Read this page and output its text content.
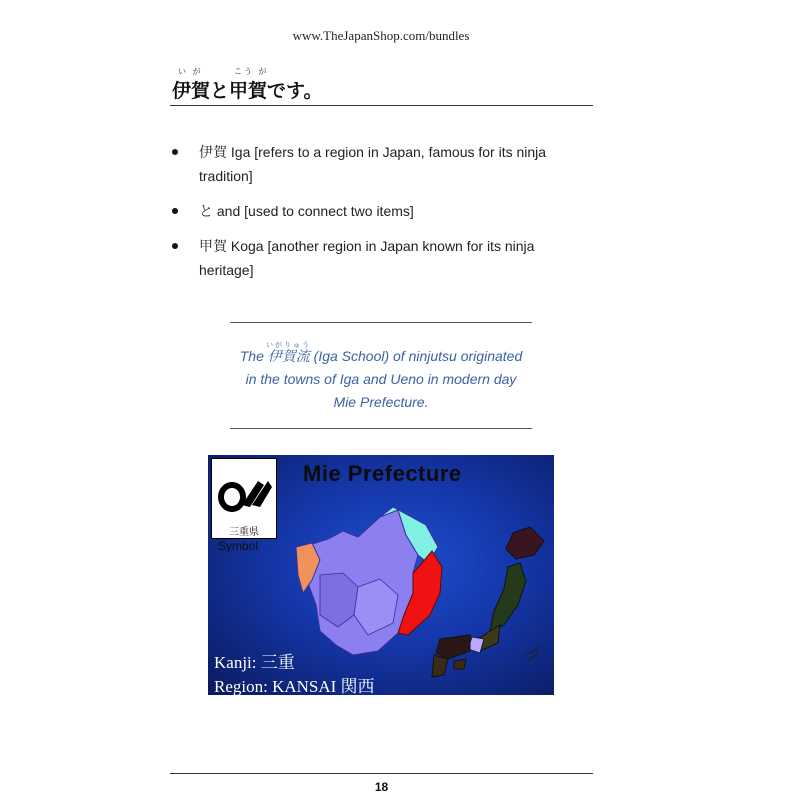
www.TheJapanShop.com/bundles
い が	こう が
伊賀と甲賀です。
伊賀 Iga [refers to a region in Japan, famous for its ninja tradition]
と and [used to connect two items]
甲賀 Koga [another region in Japan known for its ninja heritage]
いがりゅう
The 伊賀流 (Iga School) of ninjutsu originated
in the towns of Iga and Ueno in modern day
Mie Prefecture.
三重県
Symbol
Mie Prefecture
Kanji: 三重
Region: KANSAI 関西
18
